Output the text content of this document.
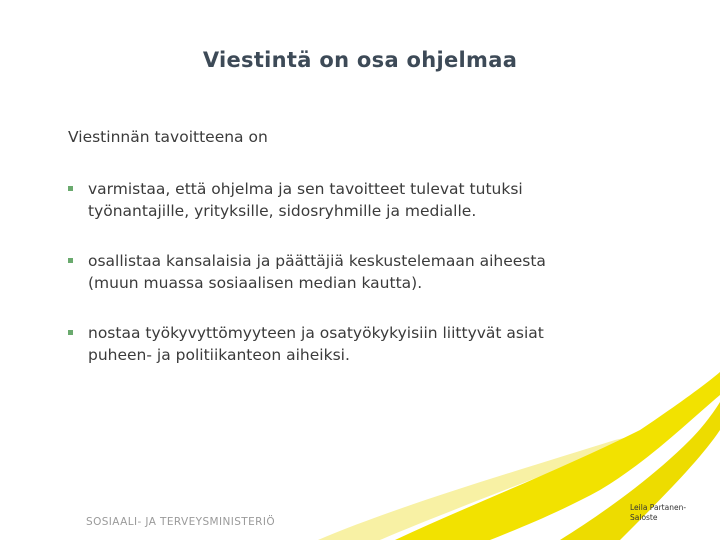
Viestintä on osa ohjelmaa
Viestinnän tavoitteena on
varmistaa, että ohjelma ja sen tavoitteet tulevat tutuksi
työnantajille, yrityksille, sidosryhmille ja medialle.
osallistaa kansalaisia ja päättäjiä keskustelemaan aiheesta
(muun muassa sosiaalisen median kautta).
nostaa työkyvyttömyyteen ja osatyökykyisiin liittyvät asiat
puheen- ja politiikanteon aiheiksi.
SOSIAALI- JA TERVEYSMINISTERIÖ
Leila Partanen-
Saloste
